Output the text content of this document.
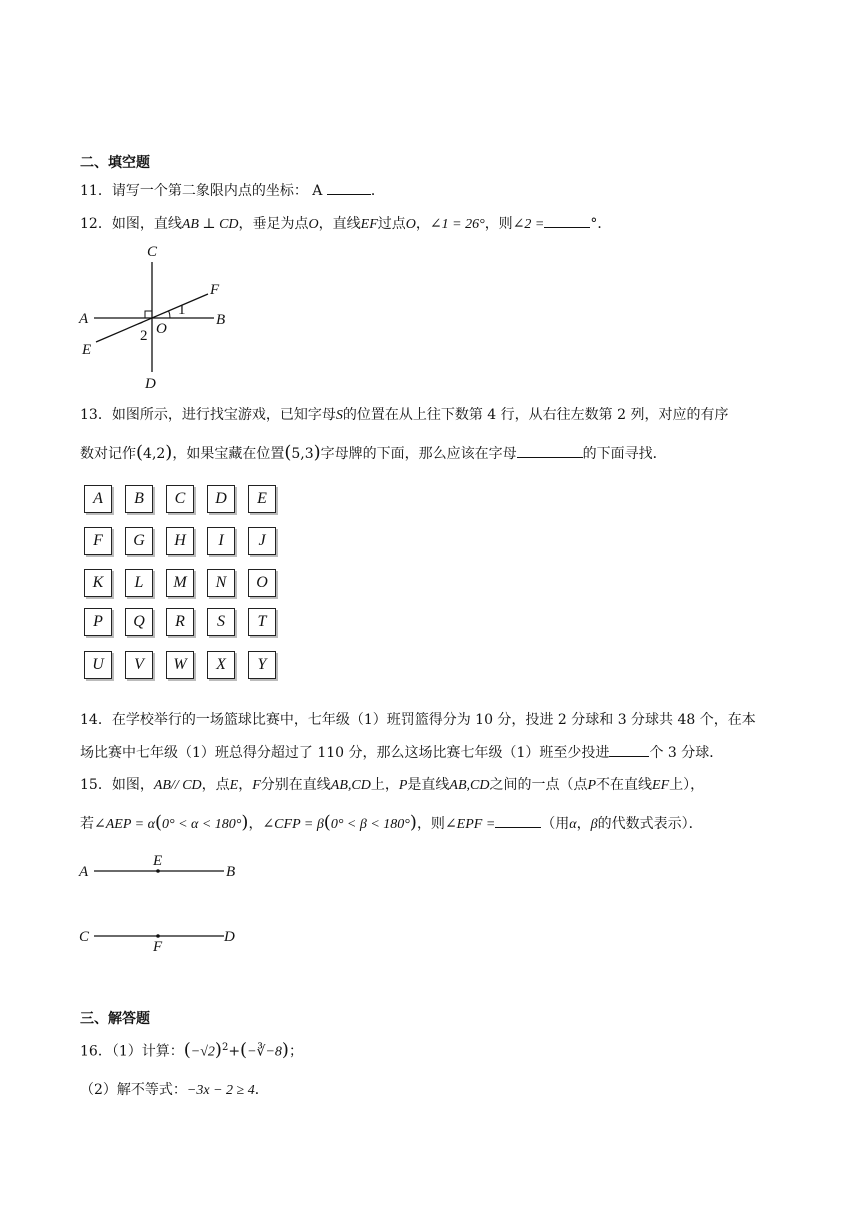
二、填空题
11．请写一个第二象限内点的坐标： A	．
12．如图，直线AB ⊥ CD，垂足为点O，直线EF过点O，∠1 = 26°，则∠2 =	°．
C
D
A	B
E
F
O
1
2
13．如图所示，进行找宝游戏，已知字母S的位置在从上往下数第 4 行，从右往左数第 2 列，对应的有序
数对记作(4,2)，如果宝藏在位置(5,3)字母牌的下面，那么应该在字母	的下面寻找．
A	B	C	D	E
F	G	H	I	J
K	L	M	N	O
P	Q	R	S	T
U	V	W	X	Y
14．在学校举行的一场篮球比赛中，七年级（1）班罚篮得分为 10 分，投进 2 分球和 3 分球共 48 个，在本
场比赛中七年级（1）班总得分超过了 110 分，那么这场比赛七年级（1）班至少投进	个 3 分球．
15．如图，AB// CD，点E，F分别在直线AB,CD上，P是直线AB,CD之间的一点（点P不在直线EF上），
若∠AEP = α(0° < α < 180°)，∠CFP = β(0° < β < 180°)，则∠EPF =	（用α，β的代数式表示）．
A	B
E
C	D
F
三、解答题
16．（1）计算：$(-√2)^2+(-∛-8)$；
（2）解不等式：−3x − 2 ≥ 4．
